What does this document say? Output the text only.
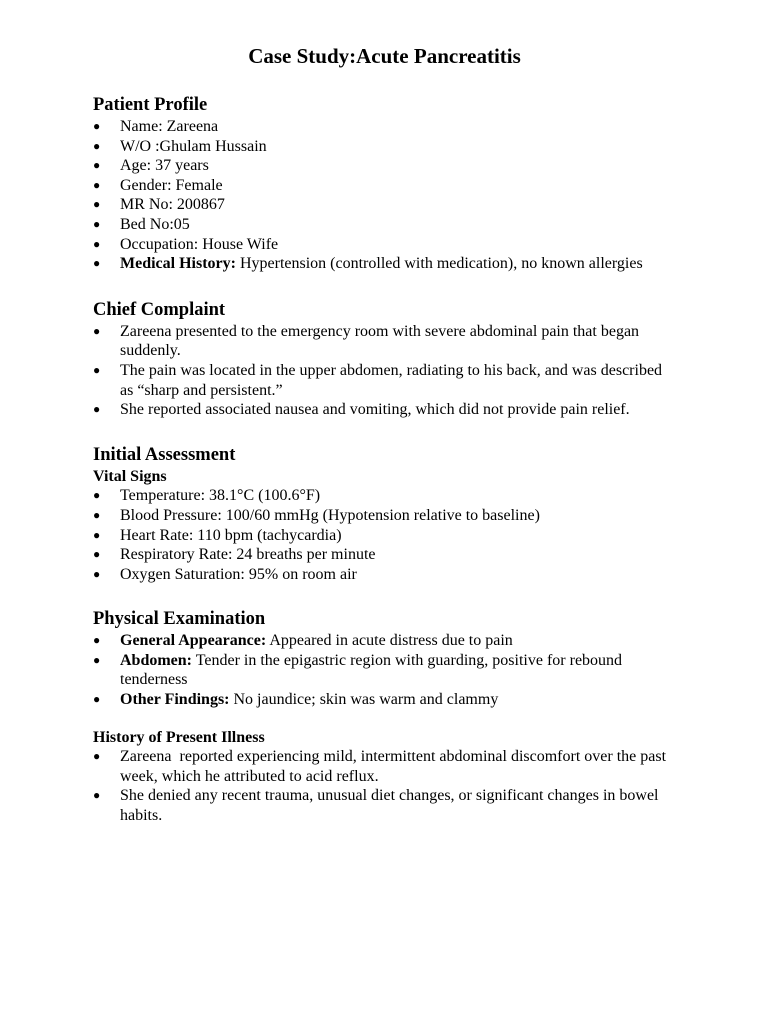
Case Study:Acute Pancreatitis
Patient Profile
● Name: Zareena
● W/O :Ghulam Hussain
● Age: 37 years
● Gender: Female
● MR No: 200867
● Bed No:05
● Occupation: House Wife
● Medical History: Hypertension (controlled with medication), no known allergies
Chief Complaint
● Zareena presented to the emergency room with severe abdominal pain that began suddenly.
● The pain was located in the upper abdomen, radiating to his back, and was described as “sharp and persistent.”
● She reported associated nausea and vomiting, which did not provide pain relief.
Initial Assessment
Vital Signs
● Temperature: 38.1°C (100.6°F)
● Blood Pressure: 100/60 mmHg (Hypotension relative to baseline)
● Heart Rate: 110 bpm (tachycardia)
● Respiratory Rate: 24 breaths per minute
● Oxygen Saturation: 95% on room air
Physical Examination
● General Appearance: Appeared in acute distress due to pain
● Abdomen: Tender in the epigastric region with guarding, positive for rebound tenderness
● Other Findings: No jaundice; skin was warm and clammy
History of Present Illness
● Zareena  reported experiencing mild, intermittent abdominal discomfort over the past week, which he attributed to acid reflux.
● She denied any recent trauma, unusual diet changes, or significant changes in bowel habits.
